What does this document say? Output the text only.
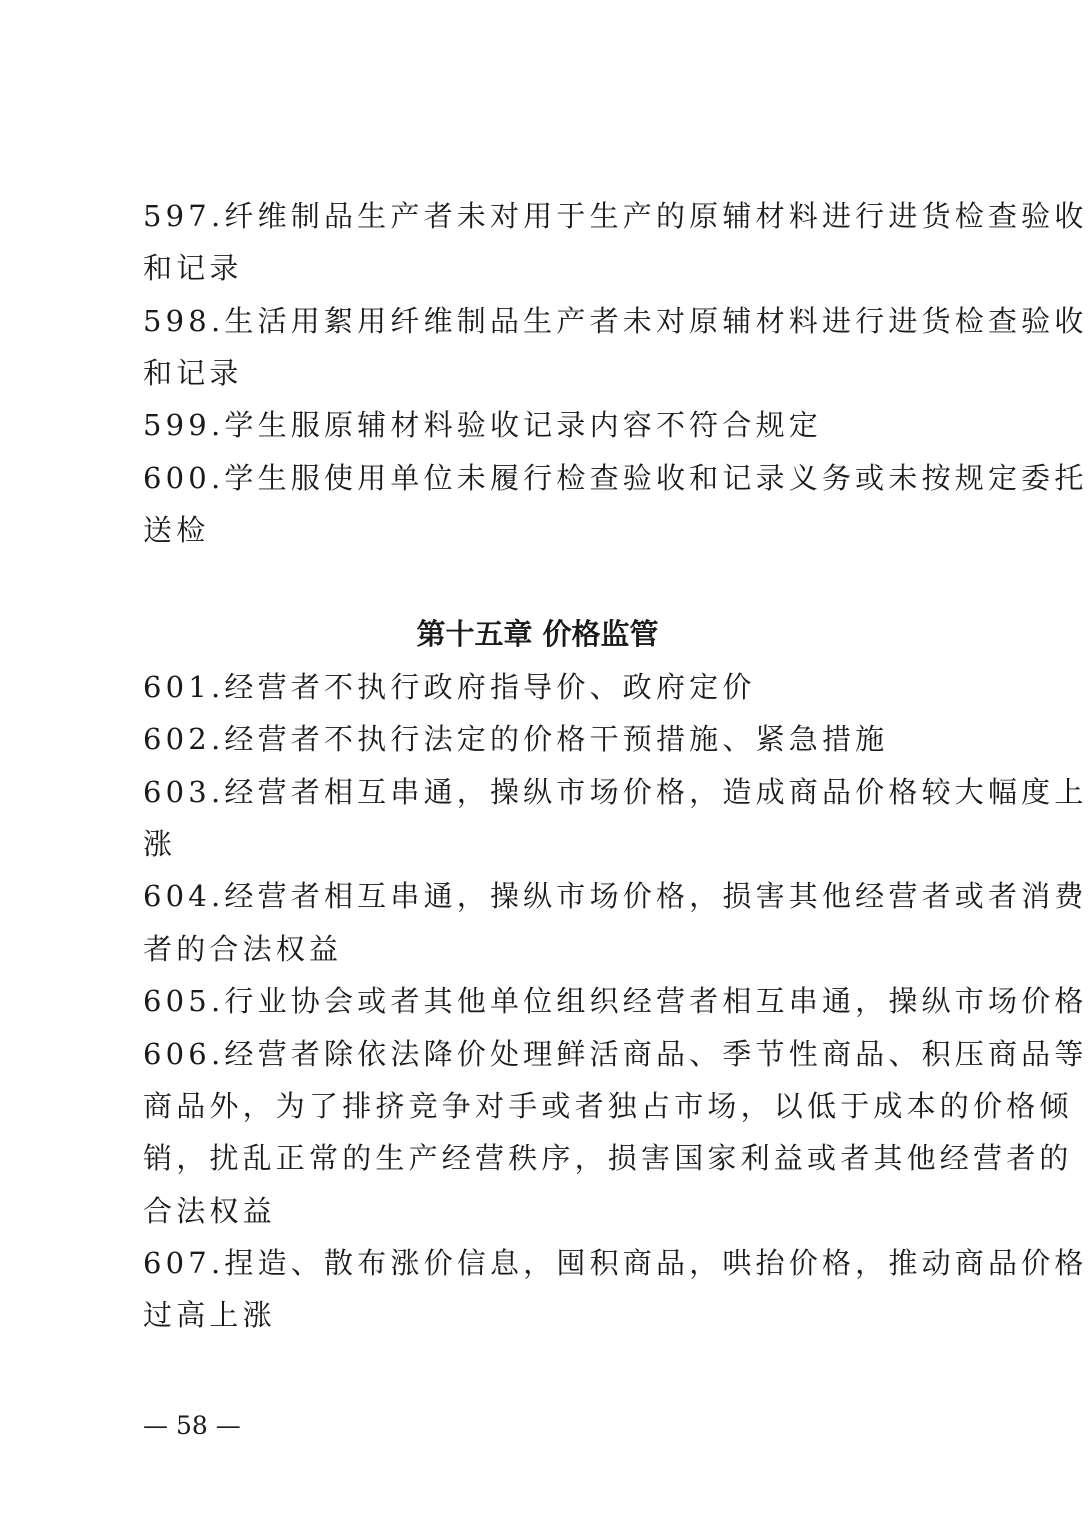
597.纤维制品生产者未对用于生产的原辅材料进行进货检查验收
和记录
598.生活用絮用纤维制品生产者未对原辅材料进行进货检查验收
和记录
599.学生服原辅材料验收记录内容不符合规定
600.学生服使用单位未履行检查验收和记录义务或未按规定委托
送检
第十五章 价格监管
601.经营者不执行政府指导价、政府定价
602.经营者不执行法定的价格干预措施、紧急措施
603.经营者相互串通，操纵市场价格，造成商品价格较大幅度上
涨
604.经营者相互串通，操纵市场价格，损害其他经营者或者消费
者的合法权益
605.行业协会或者其他单位组织经营者相互串通，操纵市场价格
606.经营者除依法降价处理鲜活商品、季节性商品、积压商品等
商品外，为了排挤竞争对手或者独占市场，以低于成本的价格倾
销，扰乱正常的生产经营秩序，损害国家利益或者其他经营者的
合法权益
607.捏造、散布涨价信息，囤积商品，哄抬价格，推动商品价格
过高上涨
— 58 —
